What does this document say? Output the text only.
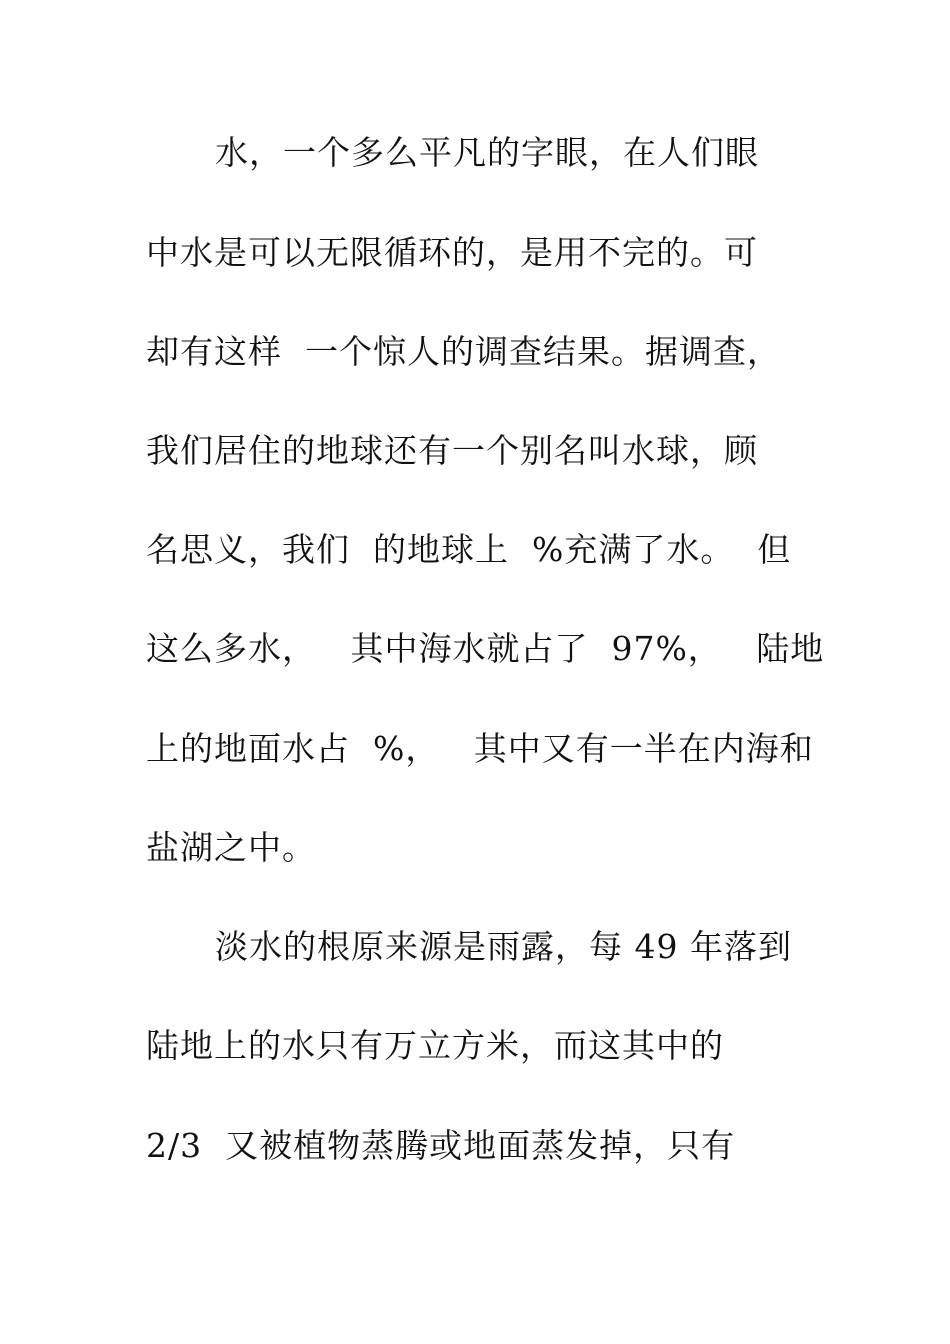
水，一个多么平凡的字眼，在人们眼
中水是可以无限循环的，是用不完的。可
却有这样  一个惊人的调查结果。据调查，
我们居住的地球还有一个别名叫水球，顾
名思义，我们  的地球上  %充满了水。  但
这么多水，   其中海水就占了  97%，   陆地
上的地面水占  %，   其中又有一半在内海和
盐湖之中。
淡水的根原来源是雨露，每 49 年落到
陆地上的水只有万立方米，而这其中的
2/3  又被植物蒸腾或地面蒸发掉，只有
